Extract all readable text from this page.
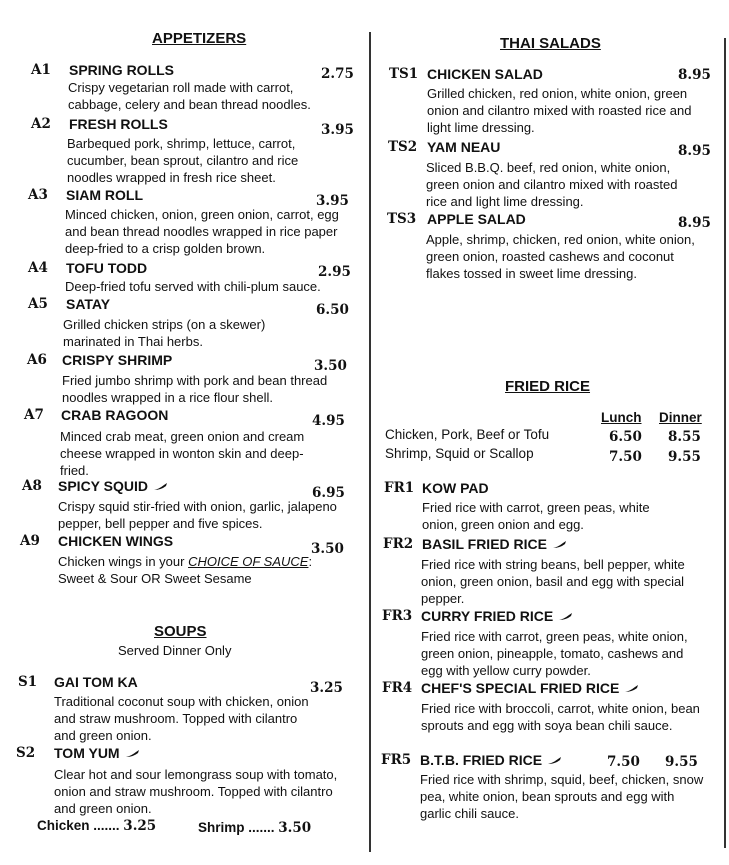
APPETIZERS
A1 SPRING ROLLS	2.75
Crispy vegetarian roll made with carrot, cabbage, celery and bean thread noodles.
A2 FRESH ROLLS	3.95
Barbequed pork, shrimp, lettuce, carrot, cucumber, bean sprout, cilantro and rice noodles wrapped in fresh rice sheet.
A3 SIAM ROLL	3.95
Minced chicken, onion, green onion, carrot, egg and bean thread noodles wrapped in rice paper deep-fried to a crisp golden brown.
A4 TOFU TODD	2.95
Deep-fried tofu served with chili-plum sauce.
A5 SATAY	6.50
Grilled chicken strips (on a skewer) marinated in Thai herbs.
A6 CRISPY SHRIMP	3.50
Fried jumbo shrimp with pork and bean thread noodles wrapped in a rice flour shell.
A7 CRAB RAGOON	4.95
Minced crab meat, green onion and cream cheese wrapped in wonton skin and deep-fried.
A8 SPICY SQUID	6.95
Crispy squid stir-fried with onion, garlic, jalapeno pepper, bell pepper and five spices.
A9 CHICKEN WINGS	3.50
Chicken wings in your CHOICE OF SAUCE: Sweet & Sour OR Sweet Sesame
SOUPS
Served Dinner Only
S1 GAI TOM KA	3.25
Traditional coconut soup with chicken, onion and straw mushroom. Topped with cilantro and green onion.
S2 TOM YUM
Clear hot and sour lemongrass soup with tomato, onion and straw mushroom. Topped with cilantro and green onion.
Chicken ....... 3.25	Shrimp ....... 3.50
THAI SALADS
TS1 CHICKEN SALAD	8.95
Grilled chicken, red onion, white onion, green onion and cilantro mixed with roasted rice and light lime dressing.
TS2 YAM NEAU	8.95
Sliced B.B.Q. beef, red onion, white onion, green onion and cilantro mixed with roasted rice and light lime dressing.
TS3 APPLE SALAD	8.95
Apple, shrimp, chicken, red onion, white onion, green onion, roasted cashews and coconut flakes tossed in sweet lime dressing.
FRIED RICE
Lunch Dinner
Chicken, Pork, Beef or Tofu	6.50 8.55
Shrimp, Squid or Scallop	7.50 9.55
FR1 KOW PAD
Fried rice with carrot, green peas, white onion, green onion and egg.
FR2 BASIL FRIED RICE
Fried rice with string beans, bell pepper, white onion, green onion, basil and egg with special pepper.
FR3 CURRY FRIED RICE
Fried rice with carrot, green peas, white onion, green onion, pineapple, tomato, cashews and egg with yellow curry powder.
FR4 CHEF'S SPECIAL FRIED RICE
Fried rice with broccoli, carrot, white onion, bean sprouts and egg with soya bean chili sauce.
FR5 B.T.B. FRIED RICE	7.50 9.55
Fried rice with shrimp, squid, beef, chicken, snow pea, white onion, bean sprouts and egg with garlic chili sauce.
